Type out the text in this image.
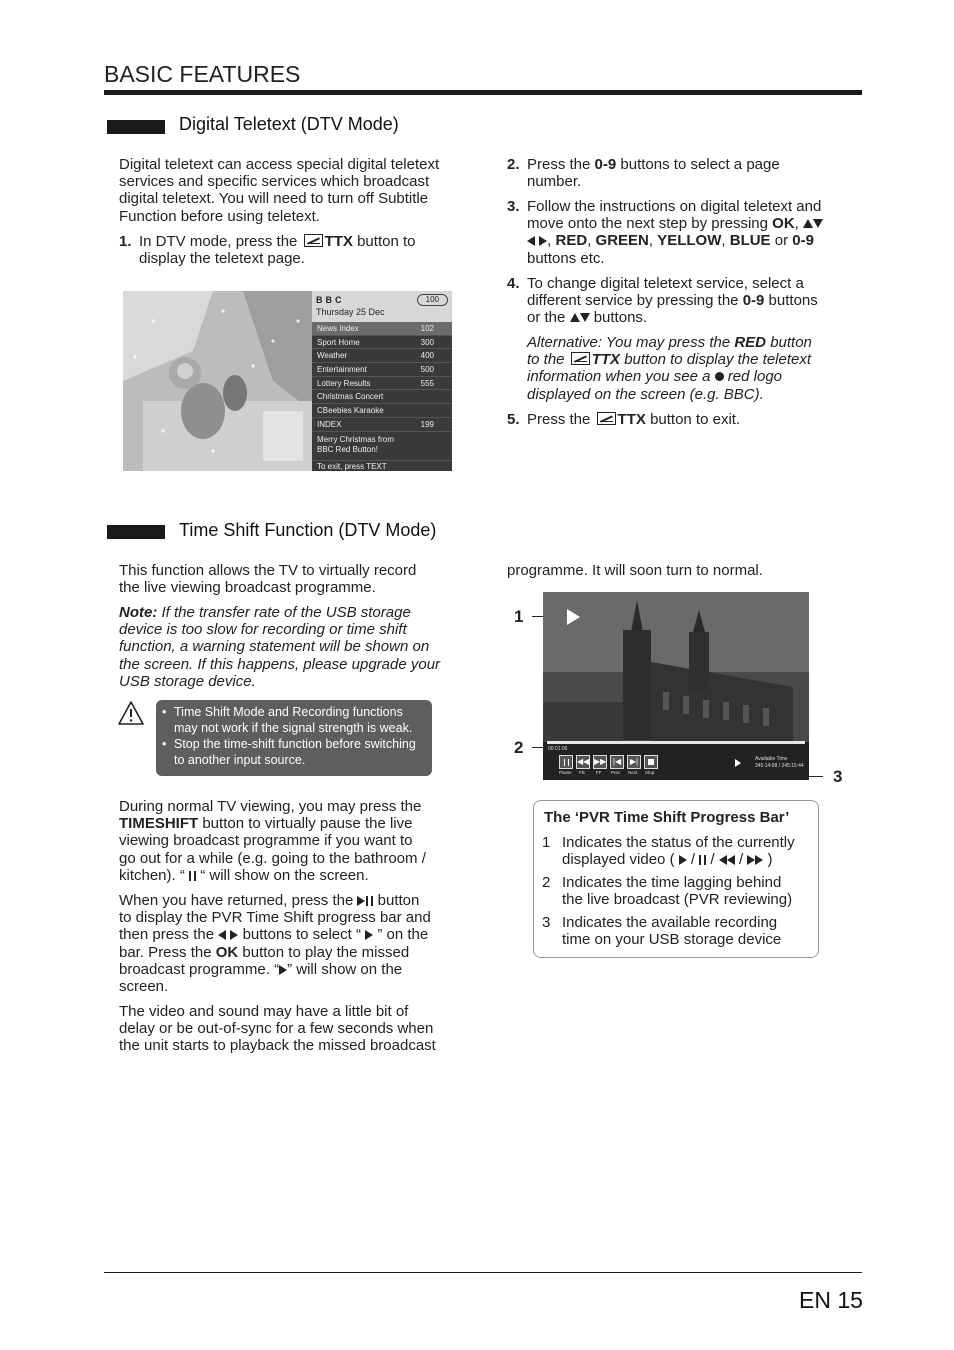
BASIC FEATURES
Digital Teletext (DTV Mode)

Digital teletext can access special digital teletext
services and specific services which broadcast
digital teletext. You will need to turn off Subtitle
Function before using teletext.

1. In DTV mode, press the TTX button to
display the teletext page.
BBC	100

Thursday 25 Dec
News Index	102
Sport Home	300
Weather	400
Entertainment	500
Lottery Results	555
Christmas Concert
CBeebies Karaoke
INDEX	199
Merry Christmas from
BBC Red Button!
To exit, press TEXT
2. Press the 0-9 buttons to select a page
number.
3. Follow the instructions on digital teletext and
move onto the next step by pressing OK,
, RED, GREEN, YELLOW, BLUE or 0-9
buttons etc.
4. To change digital teletext service, select a
different service by pressing the 0-9 buttons
or the buttons.

Alternative: You may press the RED button
to the TTX button to display the teletext
information when you see a red logo
displayed on the screen (e.g. BBC).

5. Press the TTX button to exit.
Time Shift Function (DTV Mode)

This function allows the TV to virtually record
the live viewing broadcast programme.

Note: If the transfer rate of the USB storage
device is too slow for recording or time shift
function, a warning statement will be shown on
the screen. If this happens, please upgrade your
USB storage device.

• Time Shift Mode and Recording functions
may not work if the signal strength is weak.
• Stop the time-shift function before switching
to another input source.

During normal TV viewing, you may press the
TIMESHIFT button to virtually pause the live
viewing broadcast programme if you want to
go out for a while (e.g. going to the bathroom /
kitchen). “ “ will show on the screen.

When you have returned, press the button
to display the PVR Time Shift progress bar and
then press the buttons to select “ ” on the
bar. Press the OK button to play the missed
broadcast programme. “ ” will show on the
screen.

The video and sound may have a little bit of
delay or be out-of-sync for a few seconds when
the unit starts to playback the missed broadcast

programme. It will soon turn to normal.

1
2
3
00:01:06
Available Time
345:14:08 / 345:15:44
◀◀ ▶▶ |◀	▶|
Pause FB FF Prev Next Stop
The ‘PVR Time Shift Progress Bar’
1 Indicates the status of the currently
displayed video (  /  /  /  )
2 Indicates the time lagging behind
the live broadcast (PVR reviewing)
3 Indicates the available recording
time on your USB storage device
EN 15
